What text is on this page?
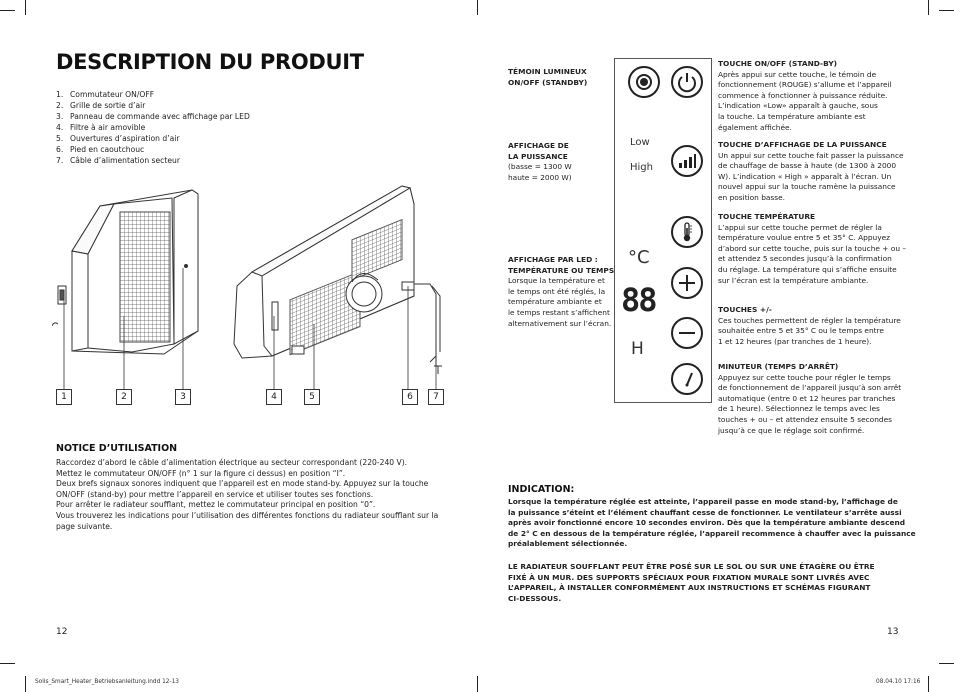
DESCRIPTION DU PRODUIT
1. Commutateur ON/OFF
2. Grille de sortie d’air
3. Panneau de commande avec affichage par LED
4. Filtre à air amovible
5. Ouvertures d’aspiration d’air
6. Pied en caoutchouc
7. Câble d’alimentation secteur
1	2	3	4	5	6	7
NOTICE D’UTILISATION
Raccordez d’abord le câble d’alimentation électrique au secteur correspondant (220-240 V).
Mettez le commutateur ON/OFF (n° 1 sur la figure ci dessus) en position “I”.
Deux brefs signaux sonores indiquent que l’appareil est en mode stand-by. Appuyez sur la touche
ON/OFF (stand-by) pour mettre l’appareil en service et utiliser toutes ses fonctions.
Pour arrêter le radiateur soufflant, mettez le commutateur principal en position “0”.
Vous trouverez les indications pour l’utilisation des différentes fonctions du radiateur soufflant sur la
page suivante.
12
TÉMOIN LUMINEUX
ON/OFF (STANDBY)
AFFICHAGE DE
LA PUISSANCE
(basse = 1300 W
haute = 2000 W)
AFFICHAGE PAR LED :
TEMPÉRATURE OU TEMPS
Lorsque la température et
le temps ont été réglés, la
température ambiante et
le temps restant s’affichent
alternativement sur l’écran.
Low
High
°C
88
H
TOUCHE ON/OFF (STAND-BY)
Après appui sur cette touche, le témoin de
fonctionnement (ROUGE) s’allume et l’appareil
commence à fonctionner à puissance réduite.
L’indication «Low» apparaît à gauche, sous
la touche. La température ambiante est
également affichée.
TOUCHE D’AFFICHAGE DE LA PUISSANCE
Un appui sur cette touche fait passer la puissance
de chauffage de basse à haute (de 1300 à 2000
W). L’indication « High » apparaît à l’écran. Un
nouvel appui sur la touche ramène la puissance
en position basse.
TOUCHE TEMPÉRATURE
L’appui sur cette touche permet de régler la
température voulue entre 5 et 35° C. Appuyez
d’abord sur cette touche, puis sur la touche + ou –
et attendez 5 secondes jusqu’à la confirmation
du réglage. La température qui s’affiche ensuite
sur l’écran est la température ambiante.
TOUCHES +/-
Ces touches permettent de régler la température
souhaitée entre 5 et 35° C ou le temps entre
1 et 12 heures (par tranches de 1 heure).
MINUTEUR (TEMPS D’ARRÊT)
Appuyez sur cette touche pour régler le temps
de fonctionnement de l’appareil jusqu’à son arrêt
automatique (entre 0 et 12 heures par tranches
de 1 heure). Sélectionnez le temps avec les
touches + ou – et attendez ensuite 5 secondes
jusqu’à ce que le réglage soit confirmé.
INDICATION:
Lorsque la température réglée est atteinte, l’appareil passe en mode stand-by, l’affichage de
la puissance s’éteint et l’élément chauffant cesse de fonctionner. Le ventilateur s’arrête aussi
après avoir fonctionné encore 10 secondes environ. Dès que la température ambiante descend
de 2° C en dessous de la température réglée, l’appareil recommence à chauffer avec la puissance
préalablement sélectionnée.
LE RADIATEUR SOUFFLANT PEUT ÊTRE POSÉ SUR LE SOL OU SUR UNE ÉTAGÈRE OU ÊTRE
FIXÉ À UN MUR. DES SUPPORTS SPÉCIAUX POUR FIXATION MURALE SONT LIVRÉS AVEC
L’APPAREIL, À INSTALLER CONFORMÉMENT AUX INSTRUCTIONS ET SCHÉMAS FIGURANT
CI-DESSOUS.
13
Solis_Smart_Heater_Betriebsanleitung.indd 12-13	08.04.10 17:16
